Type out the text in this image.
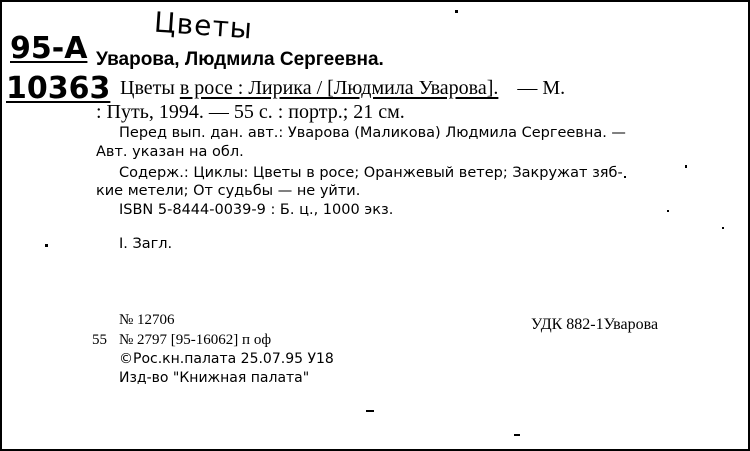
Цветы
95-А
10363
Уварова, Людмила Сергеевна.
Цветы в росе : Лирика / [Людмила Уварова]. — М.
: Путь, 1994. — 55 с. : портр.; 21 см.
Перед вып. дан. авт.: Уварова (Маликова) Людмила Сергеевна. —
Авт. указан на обл.
Содерж.: Циклы: Цветы в росе; Оранжевый ветер; Закружат зяб-
кие метели; От судьбы — не уйти.
ISBN 5-8444-0039-9 : Б. ц., 1000 экз.
I. Загл.
№ 12706
55 № 2797 [95-16062] п оф
©Рос.кн.палата 25.07.95 У18
Изд-во "Книжная палата"
УДК 882-1Уварова
